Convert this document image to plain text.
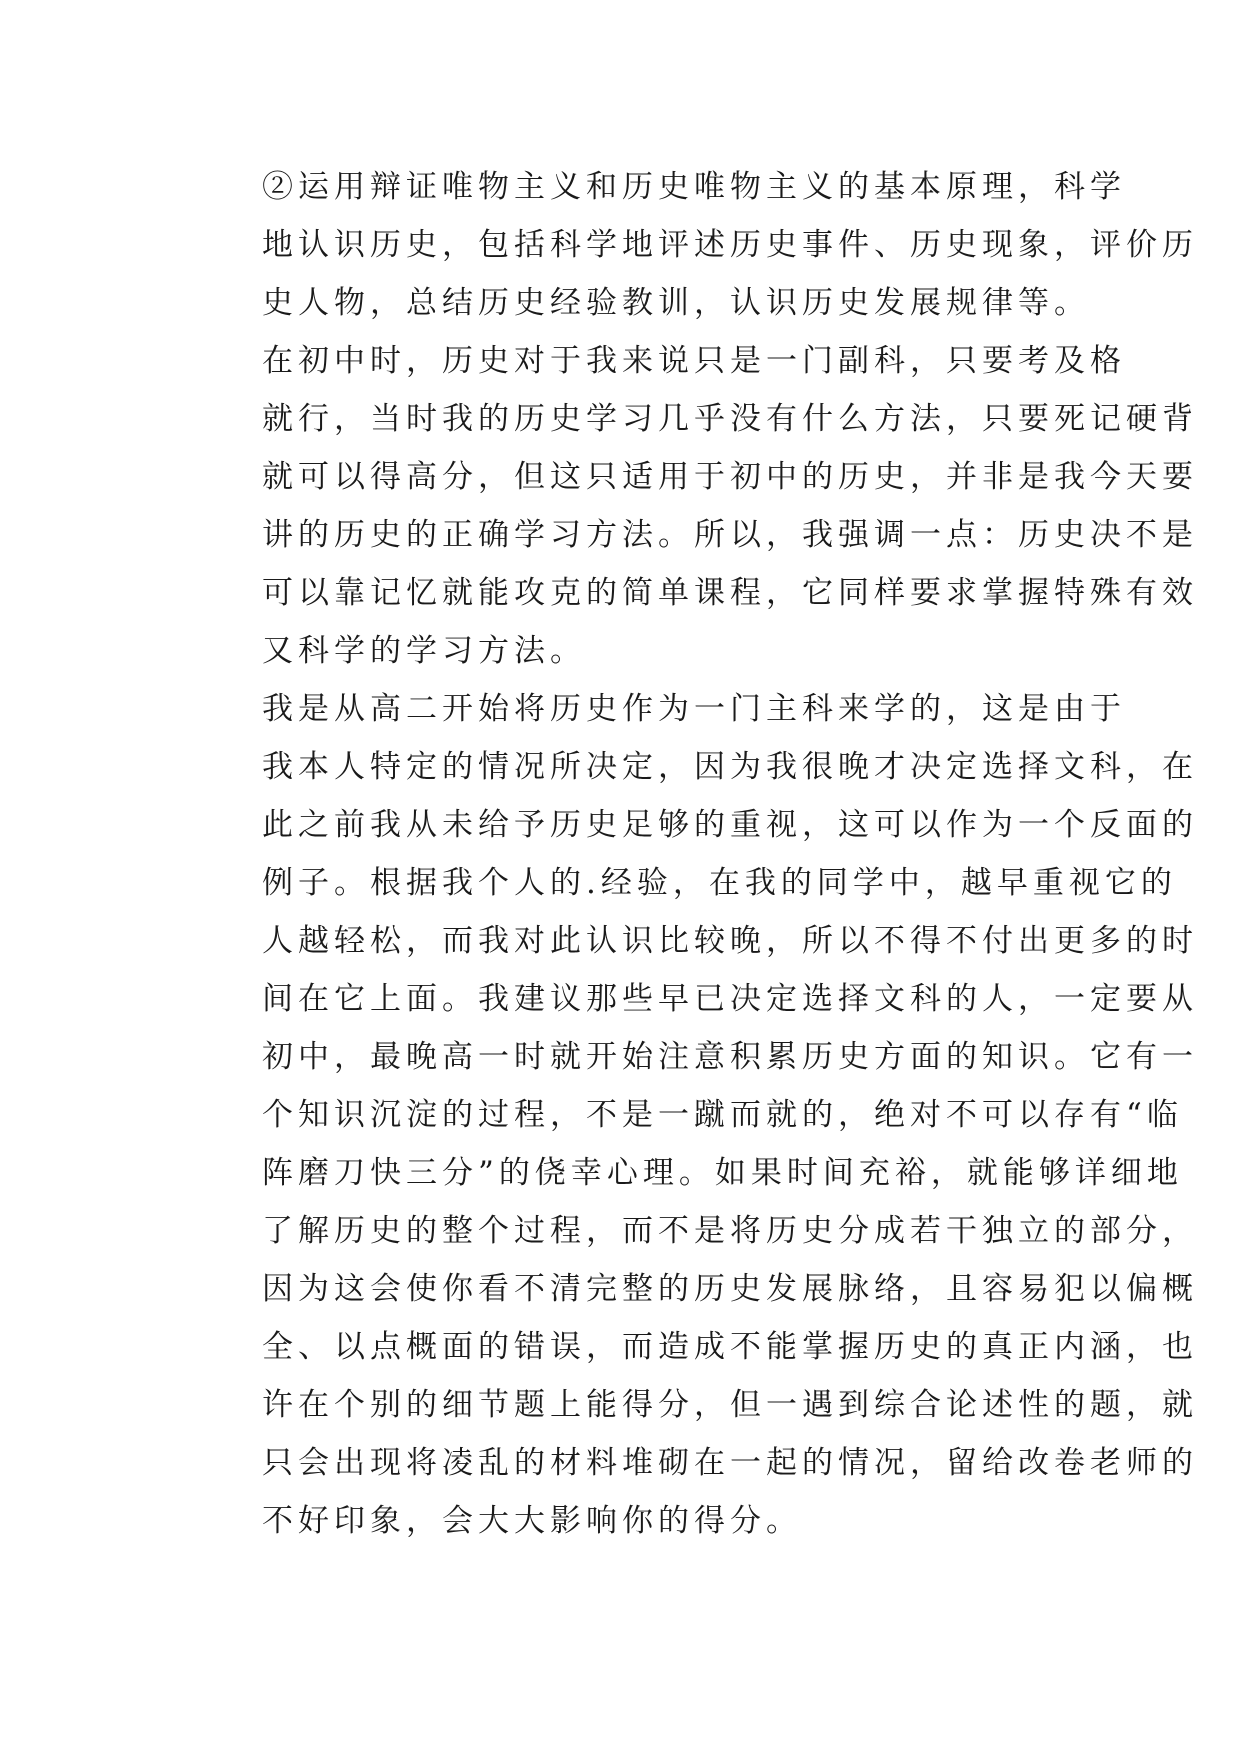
②运用辩证唯物主义和历史唯物主义的基本原理，科学
地认识历史，包括科学地评述历史事件、历史现象，评价历
史人物，总结历史经验教训，认识历史发展规律等。

在初中时，历史对于我来说只是一门副科，只要考及格
就行，当时我的历史学习几乎没有什么方法，只要死记硬背
就可以得高分，但这只适用于初中的历史，并非是我今天要
讲的历史的正确学习方法。所以，我强调一点：历史决不是
可以靠记忆就能攻克的简单课程，它同样要求掌握特殊有效
又科学的学习方法。

我是从高二开始将历史作为一门主科来学的，这是由于
我本人特定的情况所决定，因为我很晚才决定选择文科，在
此之前我从未给予历史足够的重视，这可以作为一个反面的
例子。根据我个人的.经验，在我的同学中，越早重视它的
人越轻松，而我对此认识比较晚，所以不得不付出更多的时
间在它上面。我建议那些早已决定选择文科的人，一定要从
初中，最晚高一时就开始注意积累历史方面的知识。它有一
个知识沉淀的过程，不是一蹴而就的，绝对不可以存有“临
阵磨刀快三分”的侥幸心理。如果时间充裕，就能够详细地
了解历史的整个过程，而不是将历史分成若干独立的部分，
因为这会使你看不清完整的历史发展脉络，且容易犯以偏概
全、以点概面的错误，而造成不能掌握历史的真正内涵，也
许在个别的细节题上能得分，但一遇到综合论述性的题，就
只会出现将凌乱的材料堆砌在一起的情况，留给改卷老师的
不好印象，会大大影响你的得分。
